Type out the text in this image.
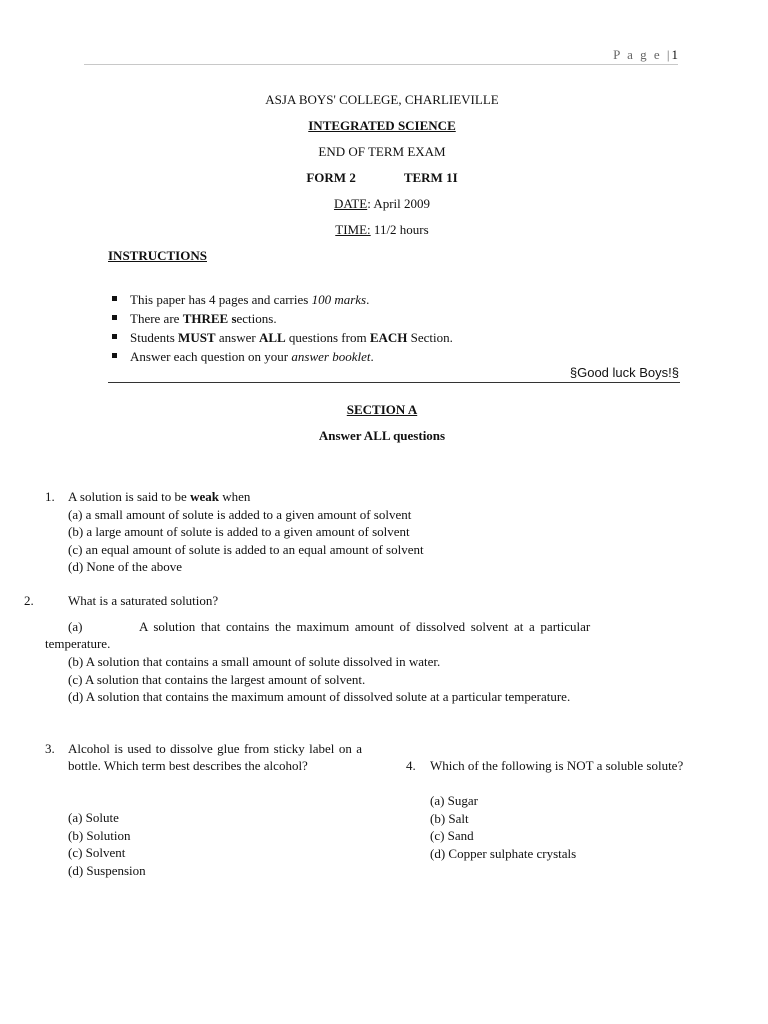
P a g e |1
ASJA BOYS' COLLEGE, CHARLIEVILLE
INTEGRATED SCIENCE
END OF TERM EXAM
FORM 2	TERM 1I
DATE: April 2009
TIME: 11/2 hours
INSTRUCTIONS
This paper has 4 pages and carries 100 marks.
There are THREE sections.
Students MUST answer ALL questions from EACH Section.
Answer each question on your answer booklet.
§Good luck Boys!§
SECTION A
Answer ALL questions
1. A solution is said to be weak when
(a) a small amount of solute is added to a given amount of solvent
(b) a large amount of solute is added to a given amount of solvent
(c) an equal amount of solute is added to an equal amount of solvent
(d) None of the above
2.	What is a saturated solution?
(a)	A solution that contains the maximum amount of dissolved solvent at a particular
temperature.
(b) A solution that contains a small amount of solute dissolved in water.
(c) A solution that contains the largest amount of solvent.
(d) A solution that contains the maximum amount of dissolved solute at a particular temperature.
3. Alcohol is used to dissolve glue from sticky label on a bottle. Which term best describes the alcohol?
(a) Solute
(b) Solution
(c) Solvent
(d) Suspension
4. Which of the following is NOT a soluble solute?
(a) Sugar
(b) Salt
(c) Sand
(d) Copper sulphate crystals
